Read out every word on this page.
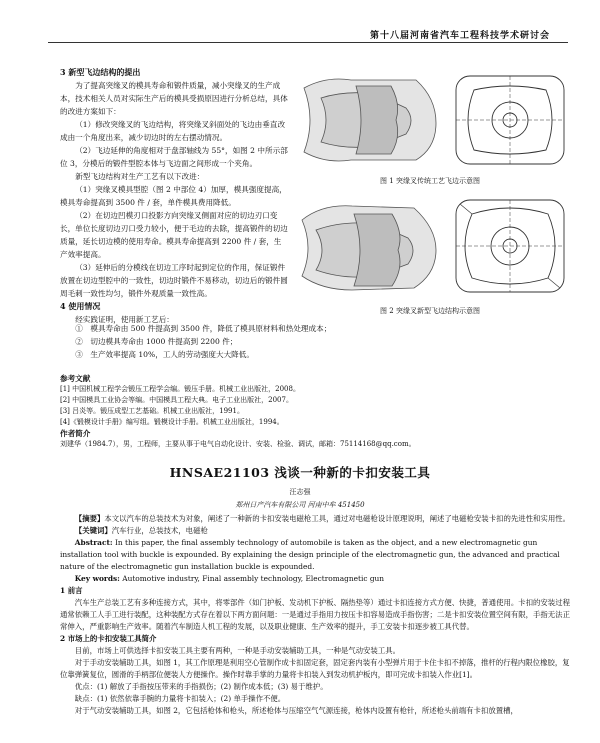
第十八届河南省汽车工程科技学术研讨会

3 新型飞边结构的提出

为了提高突缘叉的模具寿命和锻件质量，减小突缘叉的生产成本，技术相关人员对实际生产后的模具受损原因进行分析总结，具体的改进方案如下：

（1）修改突缘叉的飞边结构，将突缘叉斜面处的飞边由垂直改成由一个角度出来，减少切边时的左右摆动情况。

（2）飞边延伸的角度相对于盘部轴线为 55°，如图 2 中所示部位 3，分模后的锻件型腔本体与飞边面之间形成一个夹角。

新型飞边结构对生产工艺有以下改进：

（1）突缘叉模具型腔（图 2 中部位 4）加厚，模具强度提高，模具寿命提高到 3500 件 / 套，单件模具费用降低。

（2）在切边凹模刃口投影方向突缘叉侧面对应的切边刃口变长，单位长度切边刃口受力较小，便于毛边的去除，提高锻件的切边质量，延长切边模的使用寿命。模具寿命提高到 2200 件 / 套，生产效率提高。

（3）延伸后的分模线在切边工序时起到定位的作用，保证锻件放置在切边型腔中的一致性，切边时锻件不易移动，切边后的锻件圆周毛刺一致性均匀，锻件外观质量一致性高。

4 使用情况

经实践证明，使用新工艺后：

①　模具寿命由 500 件提高到 3500 件，降低了模具原材料和热处理成本；

②　切边模具寿命由 1000 件提高到 2200 件；

③　生产效率提高 10%，工人的劳动强度大大降低。

图 1 突缘叉传统工艺飞边示意图
图 2 突缘叉新型飞边结构示意图

参考文献

[1] 中国机械工程学会锻压工程学会编。锻压手册。机械工业出版社，2008。

[2] 中国模具工业协会等编。中国模具工程大典。电子工业出版社，2007。

[3] 吕炎等。锻压成型工艺基础。机械工业出版社，1991。

[4]《锻模设计手册》编写组。锻模设计手册。机械工业出版社，1994。

作者简介

刘建华（1984.7），男，工程师，主要从事于电气自动化设计、安装、检验、调试，邮箱：75114168@qq.com。

HNSAE21103 浅谈一种新的卡扣安装工具
汪志强
郑州日产汽车有限公司 河南中牟 451450

【摘要】本文以汽车的总装技术为对象，阐述了一种新的卡扣安装电磁枪工具，通过对电磁枪设计原理说明，阐述了电磁枪安装卡扣的先进性和实用性。

【关键词】汽车行业，总装技术，电磁枪

Abstract: In this paper, the final assembly technology of automobile is taken as the object, and a new electromagnetic gun installation tool with buckle is expounded. By explaining the design principle of the electromagnetic gun, the advanced and practical nature of the electromagnetic gun installation buckle is expounded.

Key words: Automotive industry, Final assembly technology, Electromagnetic gun

1 前言

汽车生产总装工艺有多种连接方式，其中，将零部件（如门护板、发动机下护板、隔热垫等）通过卡扣连接方式方便、快捷，普通使用。卡扣的安装过程通常依赖工人手工进行装配，这种装配方式存在着以下两方面问题：一是通过手指用力按压卡扣容易造成手指伤害；二是卡扣安装位置空间有限，手指无法正常伸入，严重影响生产效率。随着汽车制造人机工程的发展，以及职业健康、生产效率的提升，手工安装卡扣逐步被工具代替。

2 市场上的卡扣安装工具简介

目前，市场上可供选择卡扣安装工具主要有两种，一种是手动安装辅助工具，一种是气动安装工具。

对于手动安装辅助工具，如图 1，其工作原理是利用空心管制作成卡扣固定套，固定套内装有小型弹片用于卡住卡扣不掉落，推杆的行程内限位橡胶，复位靠弹簧复位，圆滑的手柄部位便装人方便操作。操作时靠手掌的力量将卡扣装入到发动机护板内，即可完成卡扣装入作业[1]。

优点：(1) 解放了手指按压带来的手指损伤；(2) 制作成本低；(3) 易于维护。

缺点：(1) 依然依靠手腕的力量将卡扣装入；(2) 单手操作不便。

对于气动安装辅助工具，如图 2，它包括枪体和枪头，所述枪体与压缩空气气源连接，枪体内设置有枪针，所述枪头前端有卡扣放置槽，
